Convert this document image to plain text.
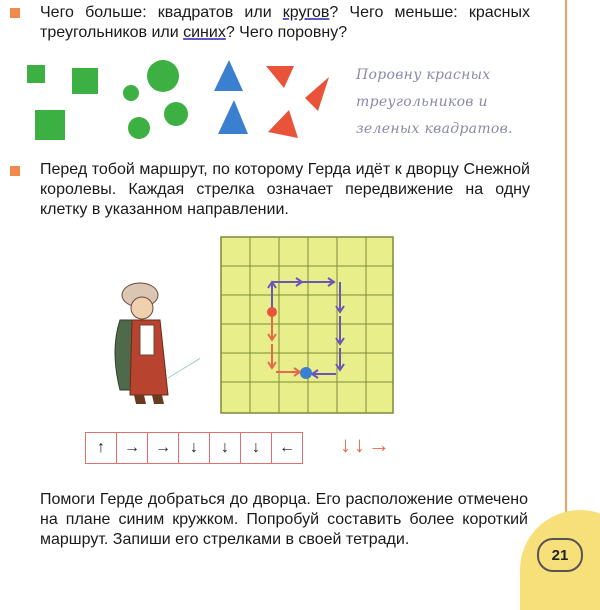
Чего больше: квадратов или кругов? Чего меньше: красных треугольников или синих? Чего поровну?
Поровну красных
треугольников и
зеленых квадратов.
Перед тобой маршрут, по которому Герда идёт к дворцу Снежной королевы. Каждая стрелка означает передвижение на одну клетку в указанном направлении.
↑	→ →	↓	↓	↓	←	↓↓→
Помоги Герде добраться до дворца. Его расположение отмечено на плане синим кружком. Попробуй составить более короткий маршрут. Запиши его стрелками в своей тетради.
21
